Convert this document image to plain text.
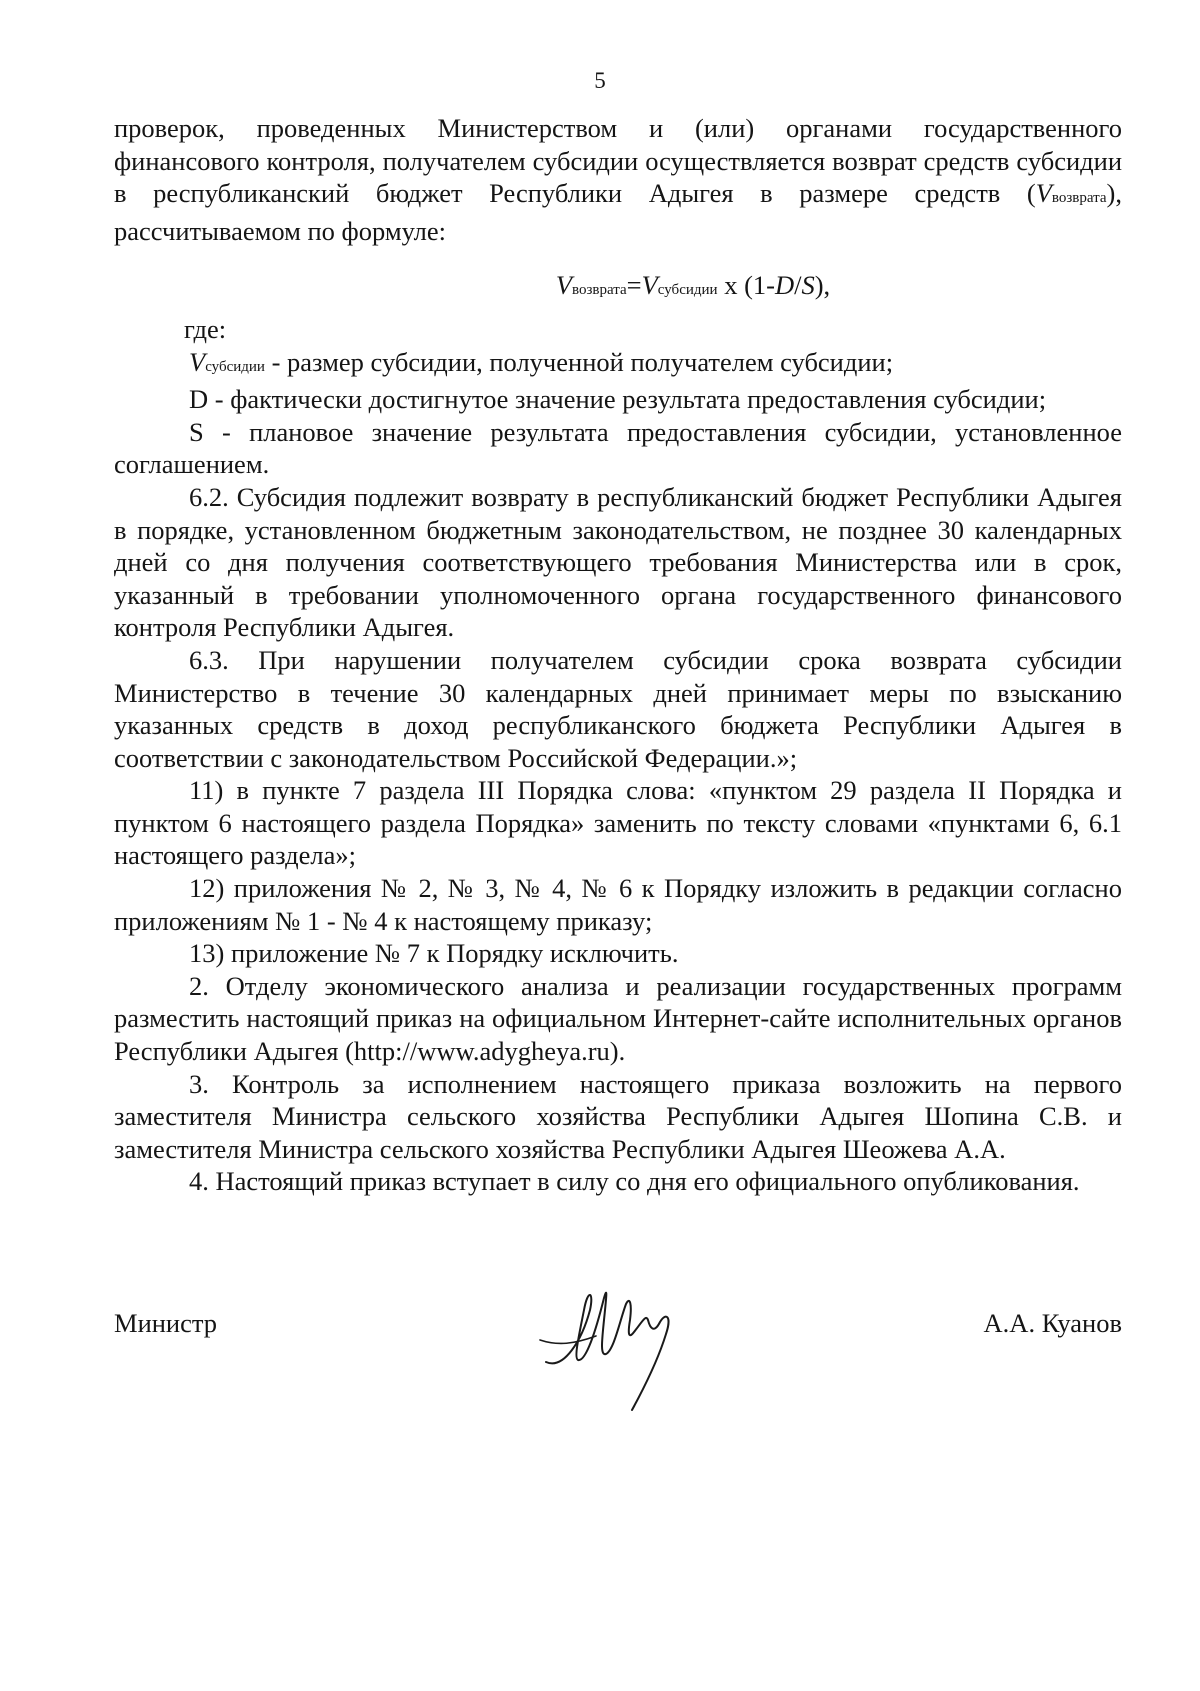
5

проверок, проведенных Министерством и (или) органами государственного финансового контроля, получателем субсидии осуществляется возврат средств субсидии в республиканский бюджет Республики Адыгея в размере средств (Vвозврата), рассчитываемом по формуле:

Vвозврата=Vсубсидии x (1-D/S),

где:

Vсубсидии - размер субсидии, полученной получателем субсидии;

D - фактически достигнутое значение результата предоставления субсидии;

S - плановое значение результата предоставления субсидии, установленное соглашением.

6.2. Субсидия подлежит возврату в республиканский бюджет Республики Адыгея в порядке, установленном бюджетным законодательством, не позднее 30 календарных дней со дня получения соответствующего требования Министерства или в срок, указанный в требовании уполномоченного органа государственного финансового контроля Республики Адыгея.

6.3. При нарушении получателем субсидии срока возврата субсидии Министерство в течение 30 календарных дней принимает меры по взысканию указанных средств в доход республиканского бюджета Республики Адыгея в соответствии с законодательством Российской Федерации.»;

11) в пункте 7 раздела III Порядка слова: «пунктом 29 раздела II Порядка и пунктом 6 настоящего раздела Порядка» заменить по тексту словами «пунктами 6, 6.1 настоящего раздела»;

12) приложения № 2, № 3, № 4, № 6 к Порядку изложить в редакции согласно приложениям № 1 - № 4 к настоящему приказу;

13) приложение № 7 к Порядку исключить.

2. Отделу экономического анализа и реализации государственных программ разместить настоящий приказ на официальном Интернет-сайте исполнительных органов Республики Адыгея (http://www.adygheya.ru).

3. Контроль за исполнением настоящего приказа возложить на первого заместителя Министра сельского хозяйства Республики Адыгея Шопина С.В. и заместителя Министра сельского хозяйства Республики Адыгея Шеожева А.А.

4. Настоящий приказ вступает в силу со дня его официального опубликования.

Министр	А.А. Куанов
